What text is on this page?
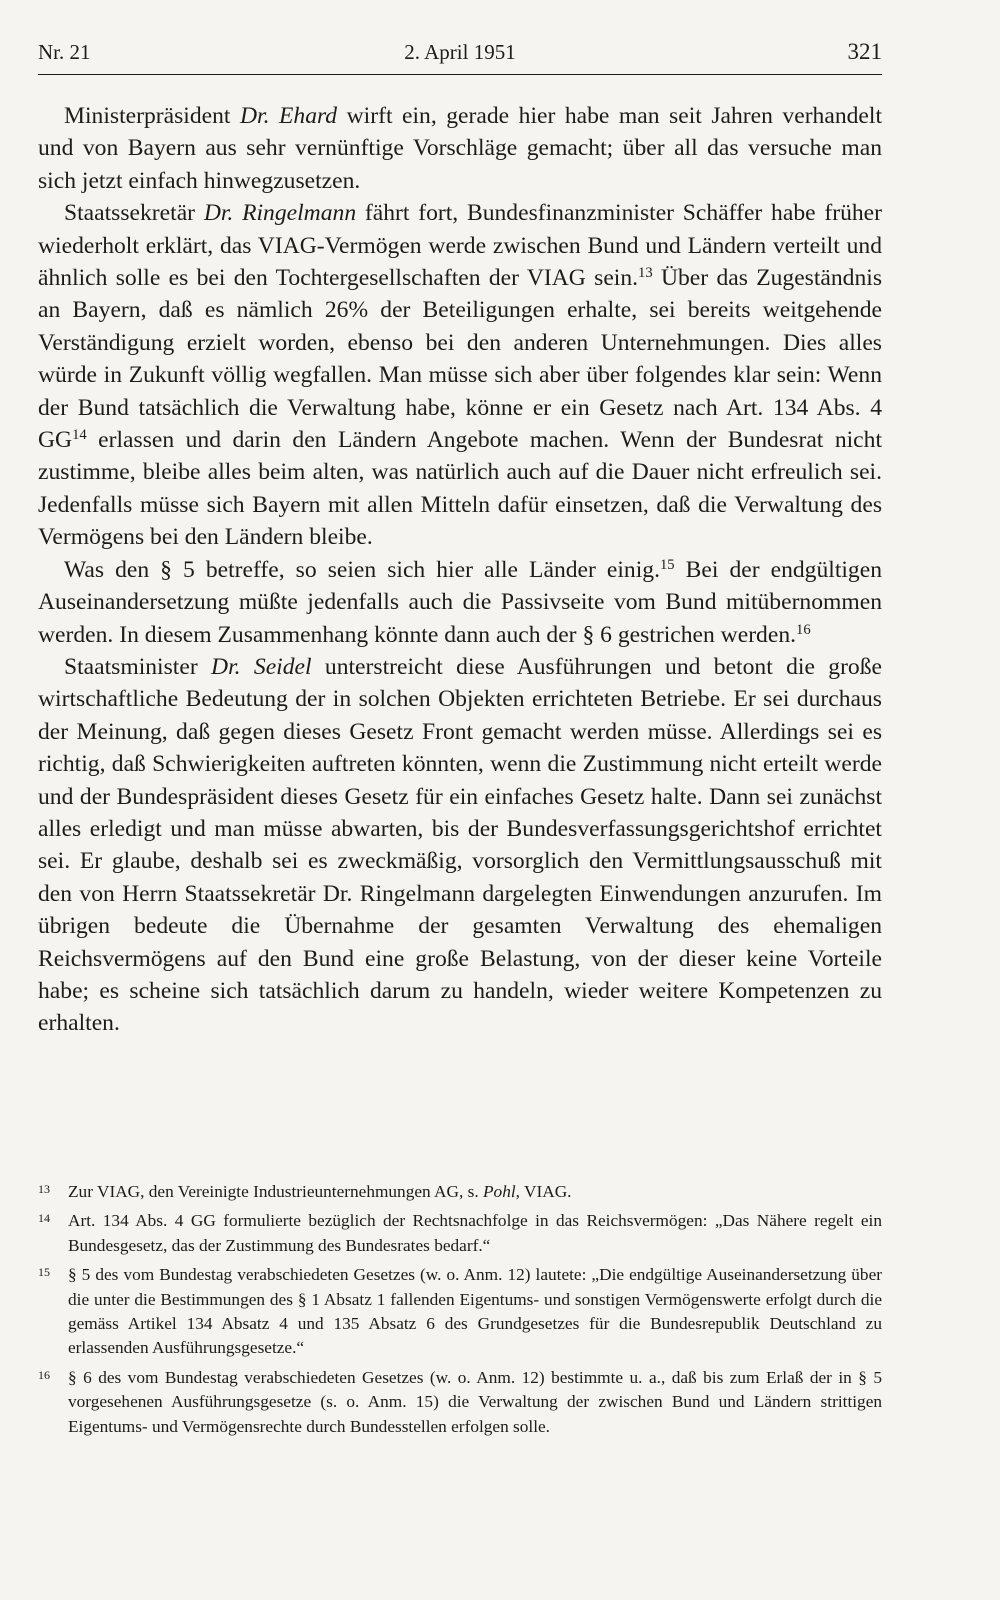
Nr. 21	2. April 1951	321

Ministerpräsident Dr. Ehard wirft ein, gerade hier habe man seit Jahren verhandelt und von Bayern aus sehr vernünftige Vorschläge gemacht; über all das versuche man sich jetzt einfach hinwegzusetzen.

Staatssekretär Dr. Ringelmann fährt fort, Bundesfinanzminister Schäffer habe früher wiederholt erklärt, das VIAG-Vermögen werde zwischen Bund und Ländern verteilt und ähnlich solle es bei den Tochtergesellschaften der VIAG sein.$^{13}$ Über das Zugeständnis an Bayern, daß es nämlich 26% der Beteiligungen erhalte, sei bereits weitgehende Verständigung erzielt worden, ebenso bei den anderen Unternehmungen. Dies alles würde in Zukunft völlig wegfallen. Man müsse sich aber über folgendes klar sein: Wenn der Bund tatsächlich die Verwaltung habe, könne er ein Gesetz nach Art. 134 Abs. 4 GG$^{14}$ erlassen und darin den Ländern Angebote machen. Wenn der Bundesrat nicht zustimme, bleibe alles beim alten, was natürlich auch auf die Dauer nicht erfreulich sei. Jedenfalls müsse sich Bayern mit allen Mitteln dafür einsetzen, daß die Verwaltung des Vermögens bei den Ländern bleibe.

Was den § 5 betreffe, so seien sich hier alle Länder einig.$^{15}$ Bei der endgültigen Auseinandersetzung müßte jedenfalls auch die Passivseite vom Bund mitübernommen werden. In diesem Zusammenhang könnte dann auch der § 6 gestrichen werden.$^{16}$

Staatsminister Dr. Seidel unterstreicht diese Ausführungen und betont die große wirtschaftliche Bedeutung der in solchen Objekten errichteten Betriebe. Er sei durchaus der Meinung, daß gegen dieses Gesetz Front gemacht werden müsse. Allerdings sei es richtig, daß Schwierigkeiten auftreten könnten, wenn die Zustimmung nicht erteilt werde und der Bundespräsident dieses Gesetz für ein einfaches Gesetz halte. Dann sei zunächst alles erledigt und man müsse abwarten, bis der Bundesverfassungsgerichtshof errichtet sei. Er glaube, deshalb sei es zweckmäßig, vorsorglich den Vermittlungsausschuß mit den von Herrn Staatssekretär Dr. Ringelmann dargelegten Einwendungen anzurufen. Im übrigen bedeute die Übernahme der gesamten Verwaltung des ehemaligen Reichsvermögens auf den Bund eine große Belastung, von der dieser keine Vorteile habe; es scheine sich tatsächlich darum zu handeln, wieder weitere Kompetenzen zu erhalten.

13 Zur VIAG, den Vereinigte Industrieunternehmungen AG, s. Pohl, VIAG.
14 Art. 134 Abs. 4 GG formulierte bezüglich der Rechtsnachfolge in das Reichsvermögen: „Das Nähere regelt ein Bundesgesetz, das der Zustimmung des Bundesrates bedarf.“
15 § 5 des vom Bundestag verabschiedeten Gesetzes (w. o. Anm. 12) lautete: „Die endgültige Auseinandersetzung über die unter die Bestimmungen des § 1 Absatz 1 fallenden Eigentums- und sonstigen Vermögenswerte erfolgt durch die gemäss Artikel 134 Absatz 4 und 135 Absatz 6 des Grundgesetzes für die Bundesrepublik Deutschland zu erlassenden Ausführungsgesetze.“
16 § 6 des vom Bundestag verabschiedeten Gesetzes (w. o. Anm. 12) bestimmte u. a., daß bis zum Erlaß der in § 5 vorgesehenen Ausführungsgesetze (s. o. Anm. 15) die Verwaltung der zwischen Bund und Ländern strittigen Eigentums- und Vermögensrechte durch Bundesstellen erfolgen solle.
